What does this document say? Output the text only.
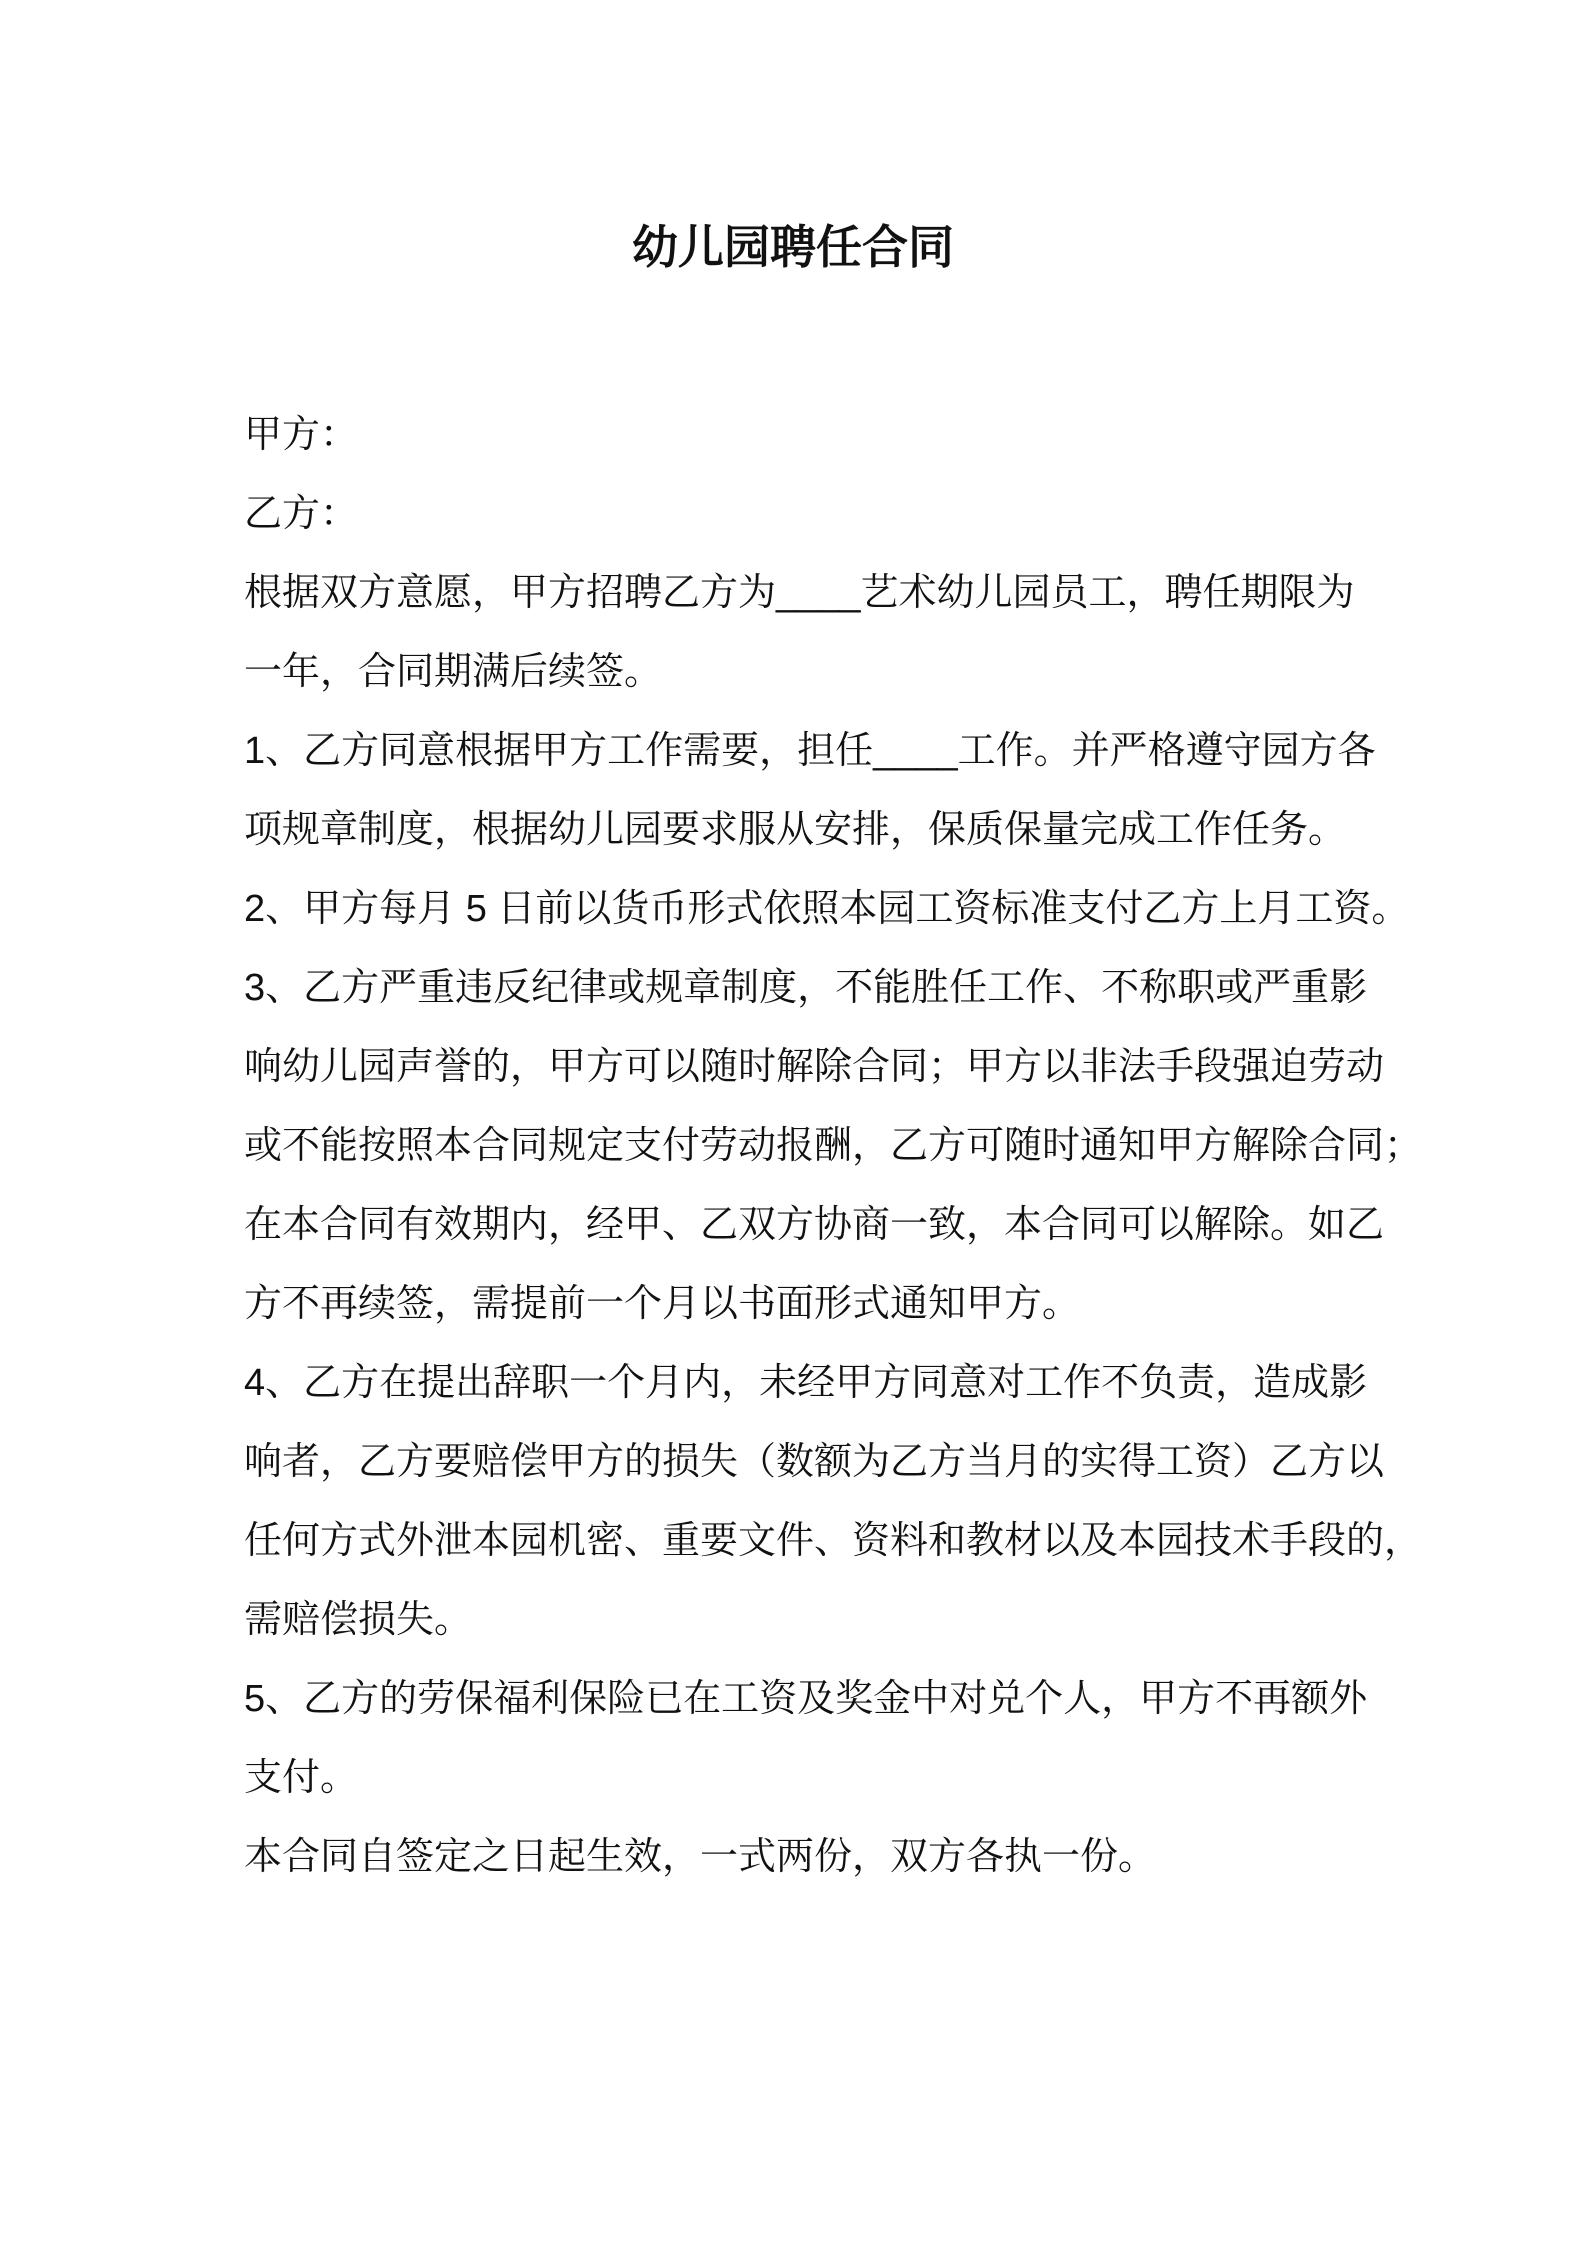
幼儿园聘任合同
甲方：
乙方：
根据双方意愿，甲方招聘乙方为____艺术幼儿园员工，聘任期限为
一年，合同期满后续签。
1、乙方同意根据甲方工作需要，担任____工作。并严格遵守园方各
项规章制度，根据幼儿园要求服从安排，保质保量完成工作任务。
2、甲方每月 5 日前以货币形式依照本园工资标准支付乙方上月工资。
3、乙方严重违反纪律或规章制度，不能胜任工作、不称职或严重影
响幼儿园声誉的，甲方可以随时解除合同；甲方以非法手段强迫劳动
或不能按照本合同规定支付劳动报酬，乙方可随时通知甲方解除合同；
在本合同有效期内，经甲、乙双方协商一致，本合同可以解除。如乙
方不再续签，需提前一个月以书面形式通知甲方。
4、乙方在提出辞职一个月内，未经甲方同意对工作不负责，造成影
响者，乙方要赔偿甲方的损失（数额为乙方当月的实得工资）乙方以
任何方式外泄本园机密、重要文件、资料和教材以及本园技术手段的，
需赔偿损失。
5、乙方的劳保福利保险已在工资及奖金中对兑个人，甲方不再额外
支付。
本合同自签定之日起生效，一式两份，双方各执一份。
